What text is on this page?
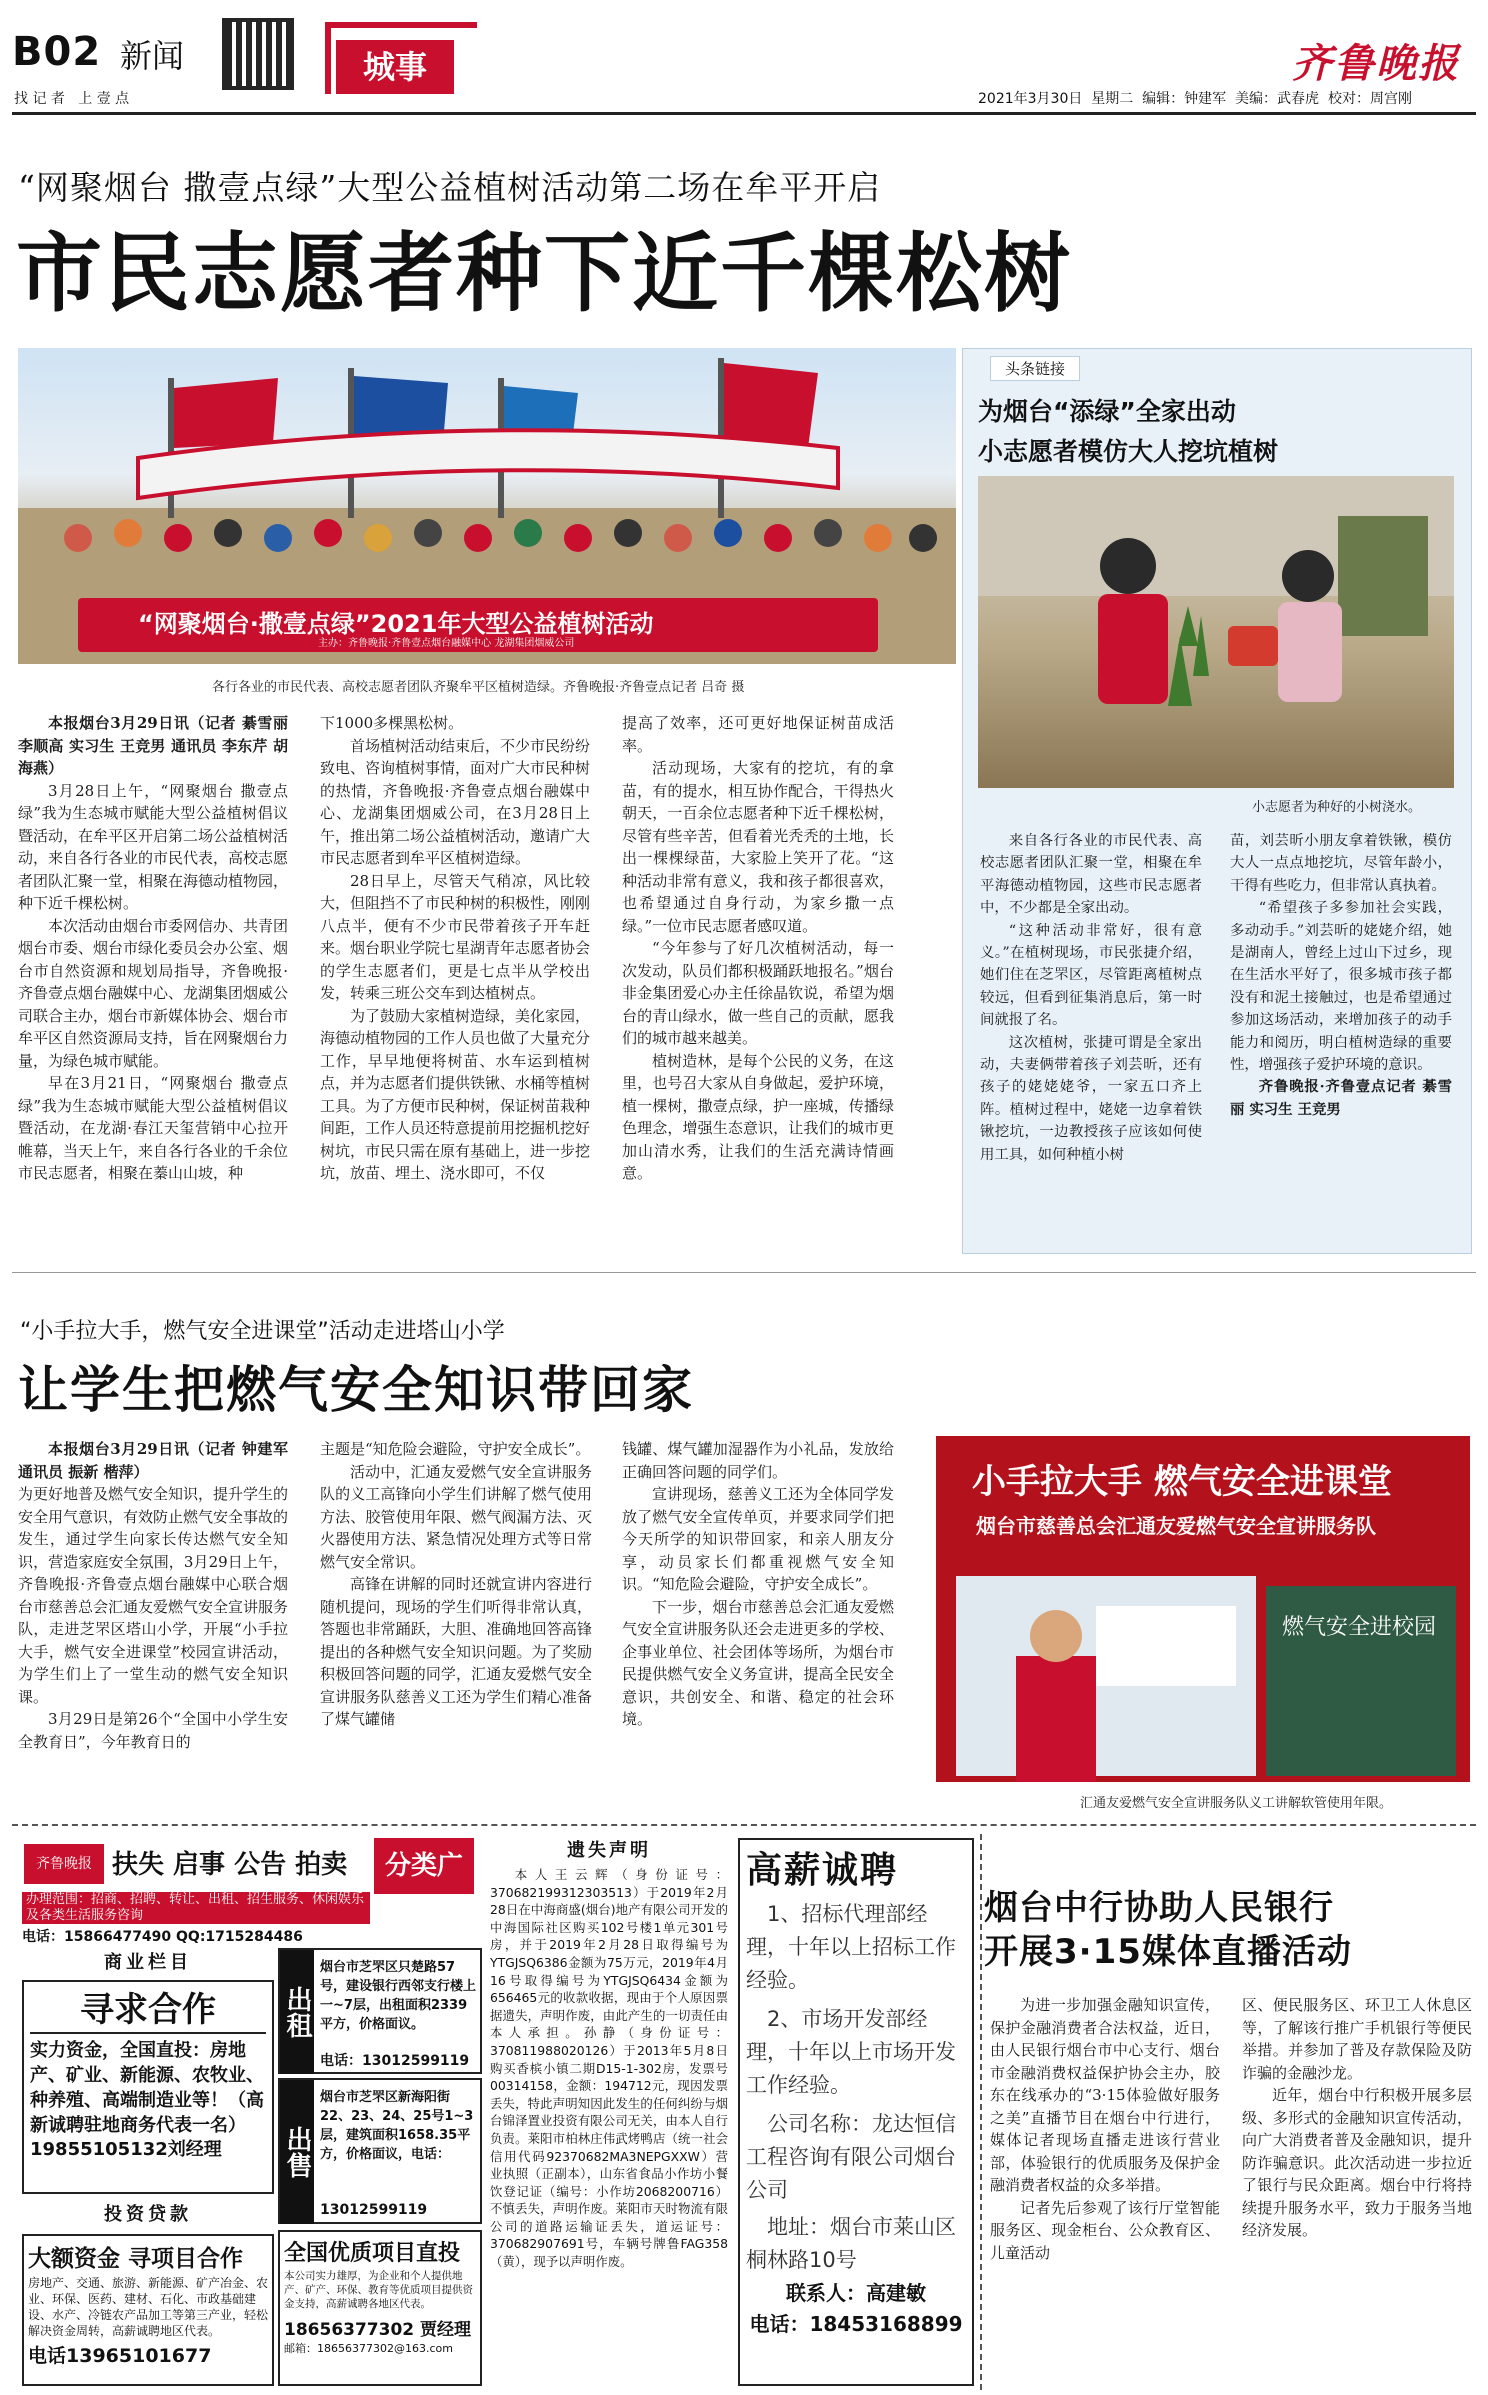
B02 新闻
找 记 者   上 壹 点
城事	齐鲁晚报
2021年3月30日  星期二  编辑：钟建军  美编：武春虎  校对：周宫刚
“网聚烟台 撒壹点绿”大型公益植树活动第二场在牟平开启
市民志愿者种下近千棵松树
“网聚烟台·撒壹点绿”2021年大型公益植树活动
主办：齐鲁晚报·齐鲁壹点烟台融媒中心 龙湖集团烟威公司
各行各业的市民代表、高校志愿者团队齐聚牟平区植树造绿。齐鲁晚报·齐鲁壹点记者 吕奇 摄

本报烟台3月29日讯（记者 綦雪丽 李顺高 实习生 王竞男 通讯员 李东芹 胡海燕）

3月28日上午，“网聚烟台 撒壹点绿”我为生态城市赋能大型公益植树倡议暨活动，在牟平区开启第二场公益植树活动，来自各行各业的市民代表，高校志愿者团队汇聚一堂，相聚在海德动植物园，种下近千棵松树。

本次活动由烟台市委网信办、共青团烟台市委、烟台市绿化委员会办公室、烟台市自然资源和规划局指导，齐鲁晚报·齐鲁壹点烟台融媒中心、龙湖集团烟威公司联合主办，烟台市新媒体协会、烟台市牟平区自然资源局支持，旨在网聚烟台力量，为绿色城市赋能。

早在3月21日，“网聚烟台 撒壹点绿”我为生态城市赋能大型公益植树倡议暨活动，在龙湖·春江天玺营销中心拉开帷幕，当天上午，来自各行各业的千余位市民志愿者，相聚在蓁山山坡，种

下1000多棵黑松树。

首场植树活动结束后，不少市民纷纷致电、咨询植树事情，面对广大市民种树的热情，齐鲁晚报·齐鲁壹点烟台融媒中心、龙湖集团烟威公司，在3月28日上午，推出第二场公益植树活动，邀请广大市民志愿者到牟平区植树造绿。

28日早上，尽管天气稍凉，风比较大，但阻挡不了市民种树的积极性，刚刚八点半，便有不少市民带着孩子开车赶来。烟台职业学院七星湖青年志愿者协会的学生志愿者们，更是七点半从学校出发，转乘三班公交车到达植树点。

为了鼓励大家植树造绿，美化家园，海德动植物园的工作人员也做了大量充分工作，早早地便将树苗、水车运到植树点，并为志愿者们提供铁锹、水桶等植树工具。为了方便市民种树，保证树苗栽种间距，工作人员还特意提前用挖掘机挖好树坑，市民只需在原有基础上，进一步挖坑，放苗、埋土、浇水即可，不仅

提高了效率，还可更好地保证树苗成活率。

活动现场，大家有的挖坑，有的拿苗，有的提水，相互协作配合，干得热火朝天，一百余位志愿者种下近千棵松树，尽管有些辛苦，但看着光秃秃的土地，长出一棵棵绿苗，大家脸上笑开了花。“这种活动非常有意义，我和孩子都很喜欢，也希望通过自身行动，为家乡撒一点绿。”一位市民志愿者感叹道。

“今年参与了好几次植树活动，每一次发动，队员们都积极踊跃地报名。”烟台非金集团爱心办主任徐晶钦说，希望为烟台的青山绿水，做一些自己的贡献，愿我们的城市越来越美。

植树造林，是每个公民的义务，在这里，也号召大家从自身做起，爱护环境，植一棵树，撒壹点绿，护一座城，传播绿色理念，增强生态意识，让我们的城市更加山清水秀，让我们的生活充满诗情画意。

头条链接
为烟台“添绿”全家出动
小志愿者模仿大人挖坑植树
小志愿者为种好的小树浇水。

来自各行各业的市民代表、高校志愿者团队汇聚一堂，相聚在牟平海德动植物园，这些市民志愿者中，不少都是全家出动。

“这种活动非常好，很有意义。”在植树现场，市民张捷介绍，她们住在芝罘区，尽管距离植树点较远，但看到征集消息后，第一时间就报了名。

这次植树，张捷可谓是全家出动，夫妻俩带着孩子刘芸昕，还有孩子的姥姥姥爷，一家五口齐上阵。植树过程中，姥姥一边拿着铁锹挖坑，一边教授孩子应该如何使用工具，如何种植小树

苗，刘芸昕小朋友拿着铁锹，模仿大人一点点地挖坑，尽管年龄小，干得有些吃力，但非常认真执着。

“希望孩子多参加社会实践，多动动手。”刘芸昕的姥姥介绍，她是湖南人，曾经上过山下过乡，现在生活水平好了，很多城市孩子都没有和泥土接触过，也是希望通过参加这场活动，来增加孩子的动手能力和阅历，明白植树造绿的重要性，增强孩子爱护环境的意识。

齐鲁晚报·齐鲁壹点记者 綦雪丽 实习生 王竞男

“小手拉大手，燃气安全进课堂”活动走进塔山小学
让学生把燃气安全知识带回家

本报烟台3月29日讯（记者 钟建军 通讯员 振新 楷萍）

为更好地普及燃气安全知识，提升学生的安全用气意识，有效防止燃气安全事故的发生，通过学生向家长传达燃气安全知识，营造家庭安全氛围，3月29日上午，齐鲁晚报·齐鲁壹点烟台融媒中心联合烟台市慈善总会汇通友爱燃气安全宣讲服务队，走进芝罘区塔山小学，开展“小手拉大手，燃气安全进课堂”校园宣讲活动，为学生们上了一堂生动的燃气安全知识课。

3月29日是第26个“全国中小学生安全教育日”，今年教育日的

主题是“知危险会避险，守护安全成长”。

活动中，汇通友爱燃气安全宣讲服务队的义工高锋向小学生们讲解了燃气使用方法、胶管使用年限、燃气阀漏方法、灭火器使用方法、紧急情况处理方式等日常燃气安全常识。

高锋在讲解的同时还就宣讲内容进行随机提问，现场的学生们听得非常认真，答题也非常踊跃，大胆、准确地回答高锋提出的各种燃气安全知识问题。为了奖励积极回答问题的同学，汇通友爱燃气安全宣讲服务队慈善义工还为学生们精心准备了煤气罐储

钱罐、煤气罐加湿器作为小礼品，发放给正确回答问题的同学们。

宣讲现场，慈善义工还为全体同学发放了燃气安全宣传单页，并要求同学们把今天所学的知识带回家，和亲人朋友分享，动员家长们都重视燃气安全知识。“知危险会避险，守护安全成长”。

下一步，烟台市慈善总会汇通友爱燃气安全宣讲服务队还会走进更多的学校、企事业单位、社会团体等场所，为烟台市民提供燃气安全义务宣讲，提高全民安全意识，共创安全、和谐、稳定的社会环境。

小手拉大手 燃气安全进课堂
烟台市慈善总会汇通友爱燃气安全宣讲服务队
燃气安全进校园
汇通友爱燃气安全宣讲服务队义工讲解软管使用年限。
齐鲁晚报 扶失 启事 公告 拍卖	分类广告
办理范围：招商、招聘、转让、出租、招生服务、休闲娱乐及各类生活服务咨询
电话：15866477490 QQ:1715284486
商业栏目
寻求合作
实力资金，全国直投：房地产、矿业、新能源、农牧业、种养殖、高端制造业等！（高新诚聘驻地商务代表一名）
19855105132刘经理
投资贷款
大额资金 寻项目合作
房地产、交通、旅游、新能源、矿产冶金、农业、环保、医药、建材、石化、市政基础建设、水产、冷链农产品加工等第三产业，轻松解决资金周转，高薪诚聘地区代表。
电话13965101677
出租
烟台市芝罘区只楚路57号，建设银行西邻支行楼上一~7层，出租面积2339平方，价格面议。
电话：13012599119
出售
烟台市芝罘区新海阳街22、23、24、25号1~3层，建筑面积1658.35平方，价格面议，电话：
13012599119
全国优质项目直投
本公司实力雄厚，为企业和个人提供地产、矿产、环保、教育等优质项目提供资金支持，高薪诚聘各地区代表。
18656377302 贾经理
邮箱：18656377302@163.com
遗失声明
本人王云辉（身份证号：370682199312303513）于2019年2月28日在中海商盛(烟台)地产有限公司开发的中海国际社区购买102号楼1单元301号房，并于2019年2月28日取得编号为YTGJSQ6386金额为75万元，2019年4月16号取得编号为YTGJSQ6434金额为656465元的收款收据，现由于个人原因票据遗失，声明作废，由此产生的一切责任由本人承担。孙静（身份证号：370811988020126）于2013年5月8日购买香槟小镇二期D15-1-302房，发票号00314158，金额：194712元，现因发票丢失，特此声明知因此发生的任何纠纷与烟台锦泽置业投资有限公司无关，由本人自行负责。莱阳市柏林庄伟武烤鸭店（统一社会信用代码92370682MA3NEPGXXW）营业执照（正副本），山东省食品小作坊小餐饮登记证（编号：小作坊2068200716）不慎丢失，声明作废。莱阳市天时物流有限公司的道路运输证丢失，道运证号：370682907691号，车辆号牌鲁FAG358（黄），现予以声明作废。
高薪诚聘
1、招标代理部经理，十年以上招标工作经验。
2、市场开发部经理，十年以上市场开发工作经验。
公司名称：龙达恒信工程咨询有限公司烟台公司
地址：烟台市莱山区桐林路10号
联系人：高建敏
电话：18453168899
烟台中行协助人民银行
开展3·15媒体直播活动

为进一步加强金融知识宣传，保护金融消费者合法权益，近日，由人民银行烟台市中心支行、烟台市金融消费权益保护协会主办，胶东在线承办的“3·15体验做好服务之美”直播节目在烟台中行进行，媒体记者现场直播走进该行营业部，体验银行的优质服务及保护金融消费者权益的众多举措。

记者先后参观了该行厅堂智能服务区、现金柜台、公众教育区、儿童活动

区、便民服务区、环卫工人休息区等，了解该行推广手机银行等便民举措。并参加了普及存款保险及防诈骗的金融沙龙。

近年，烟台中行积极开展多层级、多形式的金融知识宣传活动，向广大消费者普及金融知识，提升防诈骗意识。此次活动进一步拉近了银行与民众距离。烟台中行将持续提升服务水平，致力于服务当地经济发展。
